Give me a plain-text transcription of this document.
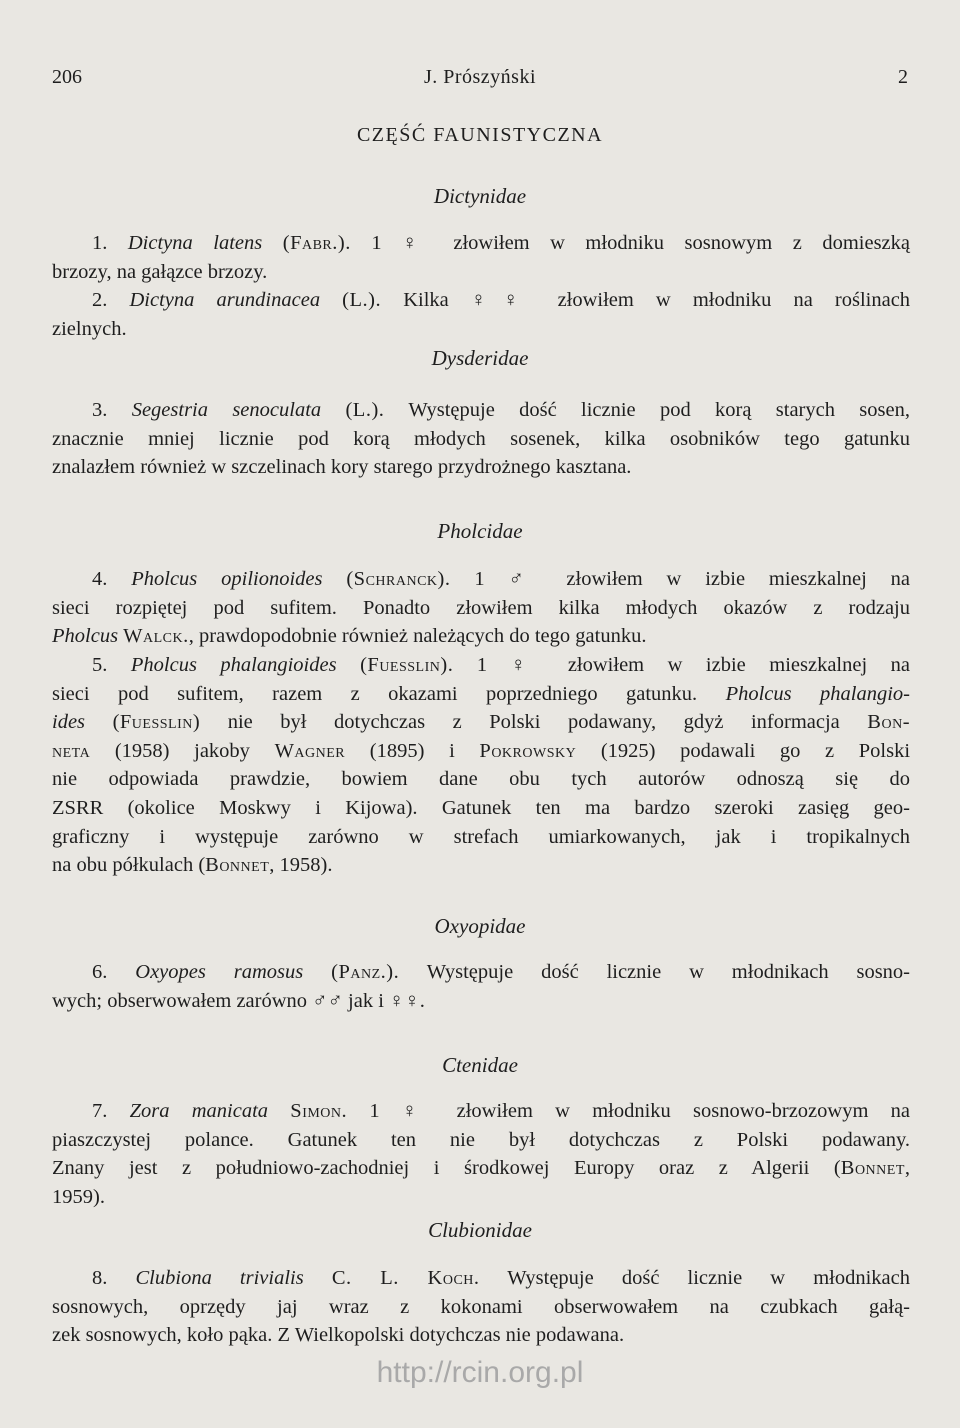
206	J. Prószyński	2
CZĘŚĆ FAUNISTYCZNA
Dictynidae
1. Dictyna latens (Fabr.). 1 ♀ złowiłem w młodniku sosnowym z domieszką
brzozy, na gałązce brzozy.
2. Dictyna arundinacea (L.). Kilka ♀♀ złowiłem w młodniku na roślinach
zielnych.
Dysderidae
3. Segestria senoculata (L.). Występuje dość licznie pod korą starych sosen,
znacznie mniej licznie pod korą młodych sosenek, kilka osobników tego gatunku
znalazłem również w szczelinach kory starego przydrożnego kasztana.
Pholcidae
4. Pholcus opilionoides (Schranck). 1 ♂ złowiłem w izbie mieszkalnej na
sieci rozpiętej pod sufitem. Ponadto złowiłem kilka młodych okazów z rodzaju
Pholcus Walck., prawdopodobnie również należących do tego gatunku.
5. Pholcus phalangioides (Fuesslin). 1 ♀ złowiłem w izbie mieszkalnej na
sieci pod sufitem, razem z okazami poprzedniego gatunku. Pholcus phalangio-
ides (Fuesslin) nie był dotychczas z Polski podawany, gdyż informacja Bon-
neta (1958) jakoby Wagner (1895) i Pokrowsky (1925) podawali go z Polski
nie odpowiada prawdzie, bowiem dane obu tych autorów odnoszą się do
ZSRR (okolice Moskwy i Kijowa). Gatunek ten ma bardzo szeroki zasięg geo-
graficzny i występuje zarówno w strefach umiarkowanych, jak i tropikalnych
na obu półkulach (Bonnet, 1958).
Oxyopidae
6. Oxyopes ramosus (Panz.). Występuje dość licznie w młodnikach sosno-
wych; obserwowałem zarówno ♂♂ jak i ♀♀.
Ctenidae
7. Zora manicata Simon. 1 ♀ złowiłem w młodniku sosnowo-brzozowym na
piaszczystej polance. Gatunek ten nie był dotychczas z Polski podawany.
Znany jest z południowo-zachodniej i środkowej Europy oraz z Algerii (Bonnet,
1959).
Clubionidae
8. Clubiona trivialis C. L. Koch. Występuje dość licznie w młodnikach
sosnowych, oprzędy jaj wraz z kokonami obserwowałem na czubkach gałą-
zek sosnowych, koło pąka. Z Wielkopolski dotychczas nie podawana.
http://rcin.org.pl
